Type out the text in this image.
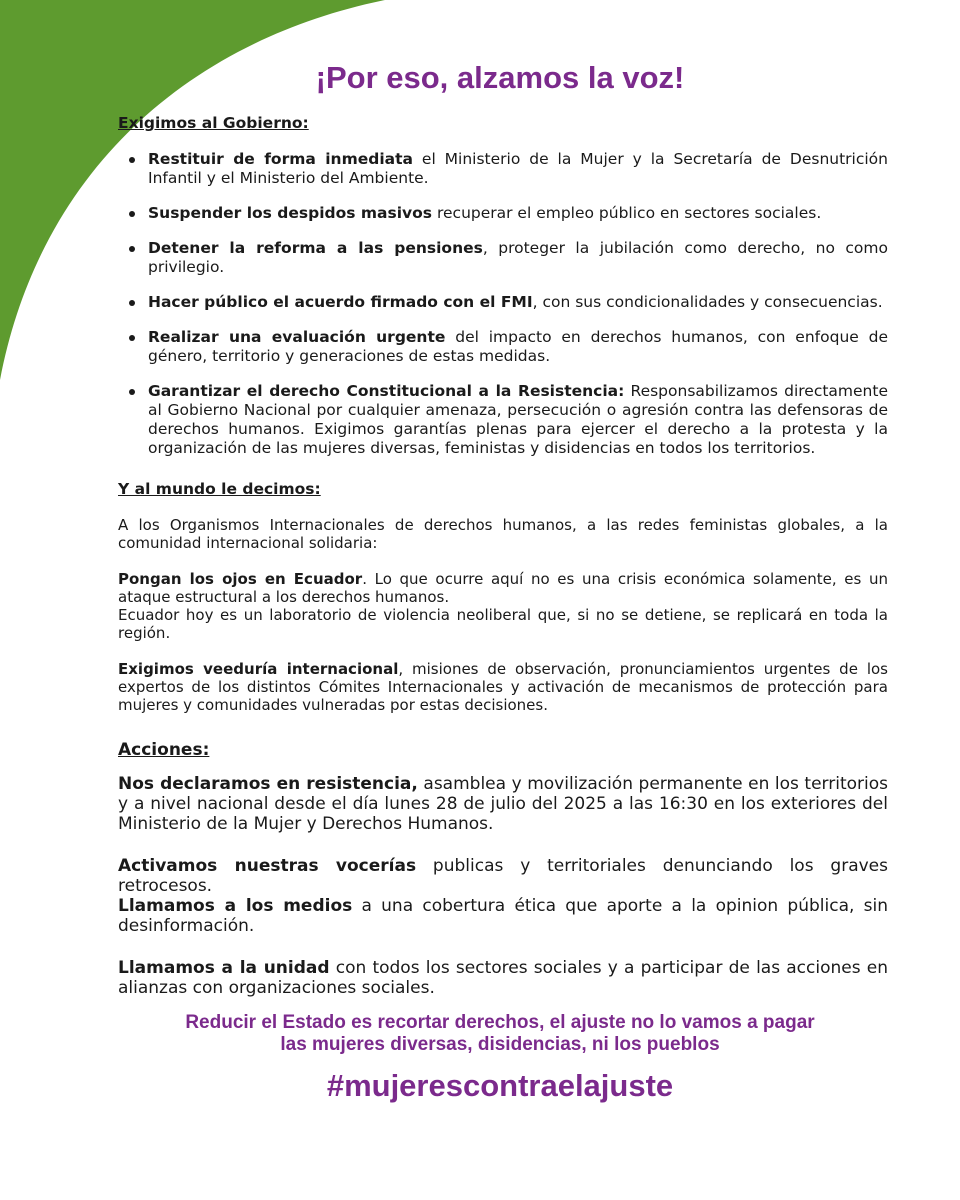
¡Por eso, alzamos la voz!
Exigimos al Gobierno:
Restituir de forma inmediata el Ministerio de la Mujer y la Secretaría de Desnutrición Infantil y el Ministerio del Ambiente.
Suspender los despidos masivos recuperar el empleo público en sectores sociales.
Detener la reforma a las pensiones, proteger la jubilación como derecho, no como privilegio.
Hacer público el acuerdo firmado con el FMI, con sus condicionalidades y consecuencias.
Realizar una evaluación urgente del impacto en derechos humanos, con enfoque de género, territorio y generaciones de estas medidas.
Garantizar el derecho Constitucional a la Resistencia: Responsabilizamos directamente al Gobierno Nacional por cualquier amenaza, persecución o agresión contra las defensoras de derechos humanos. Exigimos garantías plenas para ejercer el derecho a la protesta y la organización de las mujeres diversas, feministas y disidencias en todos los territorios.
Y al mundo le decimos:

A los Organismos Internacionales de derechos humanos, a las redes feministas globales, a la comunidad internacional solidaria:

Pongan los ojos en Ecuador. Lo que ocurre aquí no es una crisis económica solamente, es un ataque estructural a los derechos humanos.

Ecuador hoy es un laboratorio de violencia neoliberal que, si no se detiene, se replicará en toda la región.

Exigimos veeduría internacional, misiones de observación, pronunciamientos urgentes de los expertos de los distintos Cómites Internacionales y activación de mecanismos de protección para mujeres y comunidades vulneradas por estas decisiones.

Acciones:

Nos declaramos en resistencia, asamblea y movilización permanente en los territorios y a nivel nacional desde el día lunes 28 de julio del 2025 a las 16:30 en los exteriores del Ministerio de la Mujer y Derechos Humanos.

Activamos nuestras vocerías publicas y territoriales denunciando los graves retrocesos.

Llamamos a los medios a una cobertura ética que aporte a la opinion pública, sin desinformación.

Llamamos a la unidad con todos los sectores sociales y a participar de las acciones en alianzas con organizaciones sociales.

Reducir el Estado es recortar derechos, el ajuste no lo vamos a pagar
las mujeres diversas, disidencias, ni los pueblos
#mujerescontraelajuste
